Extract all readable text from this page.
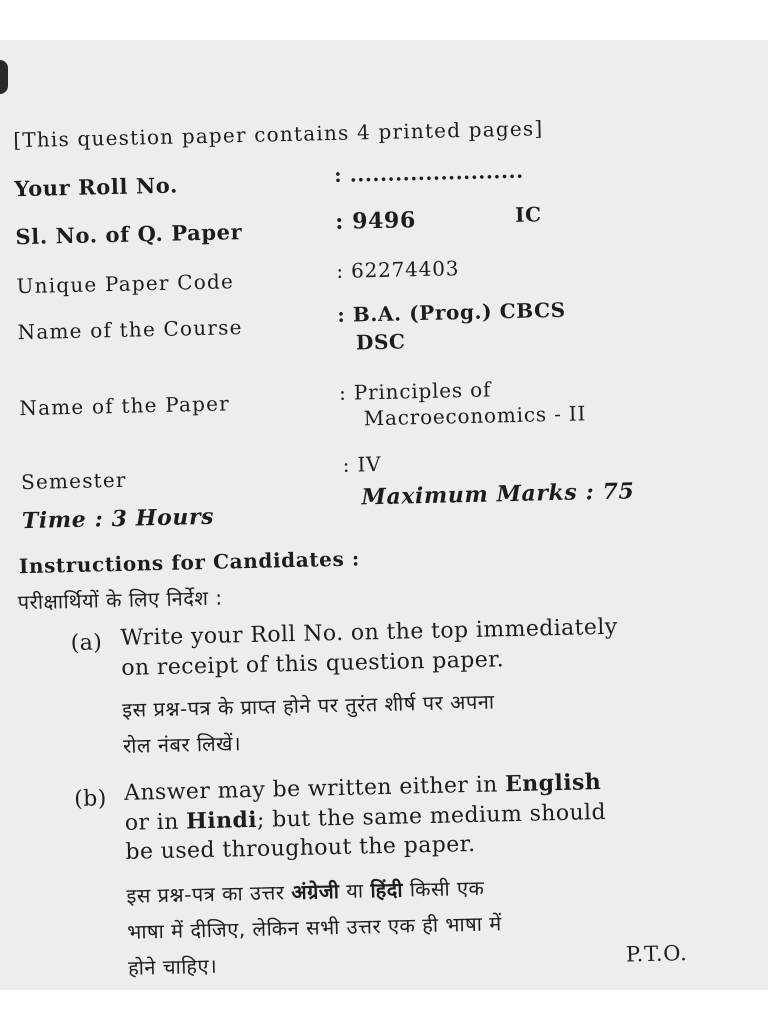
[This question paper contains 4 printed pages]
Your Roll No.	: .......................
Sl. No. of Q. Paper	: 9496	IC
Unique Paper Code	: 62274403
Name of the Course
: B.A. (Prog.) CBCS
DSC
Name of the Paper
: Principles of
Macroeconomics - II
Semester
: IV
Time : 3 Hours
Maximum Marks : 75
Instructions for Candidates :
परीक्षार्थियों के लिए निर्देश :
(a) Write your Roll No. on the top immediately
on receipt of this question paper.
इस प्रश्न-पत्र के प्राप्त होने पर तुरंत शीर्ष पर अपना
रोल नंबर लिखें।
(b) Answer may be written either in English
or in Hindi; but the same medium should
be used throughout the paper.
इस प्रश्न-पत्र का उत्तर अंग्रेजी या हिंदी किसी एक
भाषा में दीजिए, लेकिन सभी उत्तर एक ही भाषा में
होने चाहिए।	P.T.O.
